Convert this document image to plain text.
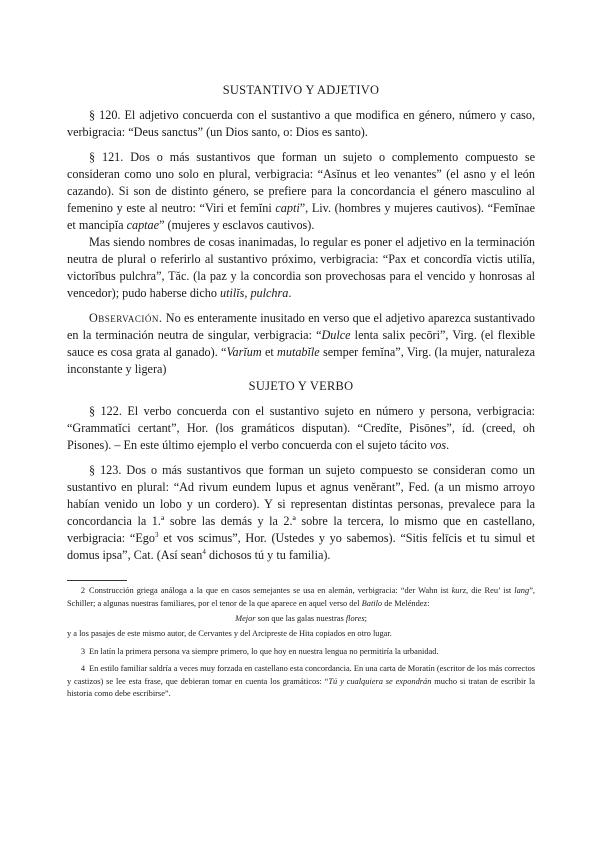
SUSTANTIVO Y ADJETIVO

§ 120. El adjetivo concuerda con el sustantivo a que modifica en género, número y caso, verbigracia: “Deus sanctus” (un Dios santo, o: Dios es santo).

§ 121. Dos o más sustantivos que forman un sujeto o complemento compuesto se consideran como uno solo en plural, verbigracia: “Asĭnus et leo venantes” (el asno y el león cazando). Si son de distinto género, se prefiere para la concordancia el género masculino al femenino y este al neutro: “Viri et femĭni capti”, Liv. (hombres y mujeres cautivos). “Femĭnae et mancipĭa captae” (mujeres y esclavos cautivos).

Mas siendo nombres de cosas inanimadas, lo regular es poner el adjetivo en la terminación neutra de plural o referirlo al sustantivo próximo, verbigracia: “Pax et concordĭa victis utilĭa, victorĭbus pulchra”, Tăc. (la paz y la concordia son provechosas para el vencido y honrosas al vencedor); pudo haberse dicho utilĭs, pulchra.

Observación. No es enteramente inusitado en verso que el adjetivo aparezca sustantivado en la terminación neutra de singular, verbigracia: “Dulce lenta salix pecōri”, Virg. (el flexible sauce es cosa grata al ganado). “Varĭum et mutabĭle semper femĭna”, Virg. (la mujer, naturaleza inconstante y ligera)

SUJETO Y VERBO

§ 122. El verbo concuerda con el sustantivo sujeto en número y persona, verbigracia: “Grammatĭci certant”, Hor. (los gramáticos disputan). “Credĭte, Pisōnes”, íd. (creed, oh Pisones). – En este último ejemplo el verbo concuerda con el sujeto tácito vos.

§ 123. Dos o más sustantivos que forman un sujeto compuesto se consideran como un sustantivo en plural: “Ad rivum eundem lupus et agnus venĕrant”, Fed. (a un mismo arroyo habían venido un lobo y un cordero). Y si representan distintas personas, prevalece para la concordancia la 1.ª sobre las demás y la 2.ª sobre la tercera, lo mismo que en castellano, verbigracia: “Ego$^3$ et vos scimus”, Hor. (Ustedes y yo sabemos). “Sitis felīcis et tu simul et domus ipsa”, Cat. (Así sean$^4$ dichosos tú y tu familia).

2 Construcción griega análoga a la que en casos semejantes se usa en alemán, verbigracia: “der Wahn ist kurz, die Reu’ ist lang”, Schiller; a algunas nuestras familiares, por el tenor de la que aparece en aquel verso del Batilo de Meléndez:

Mejor son que las galas nuestras flores;

y a los pasajes de este mismo autor, de Cervantes y del Arcipreste de Hita copiados en otro lugar.

3 En latín la primera persona va siempre primero, lo que hoy en nuestra lengua no permitiría la urbanidad.

4 En estilo familiar saldría a veces muy forzada en castellano esta concordancia. En una carta de Moratín (escritor de los más correctos y castizos) se lee esta frase, que debieran tomar en cuenta los gramáticos: “Tú y cualquiera se expondrán mucho si tratan de escribir la historia como debe escribirse”.
